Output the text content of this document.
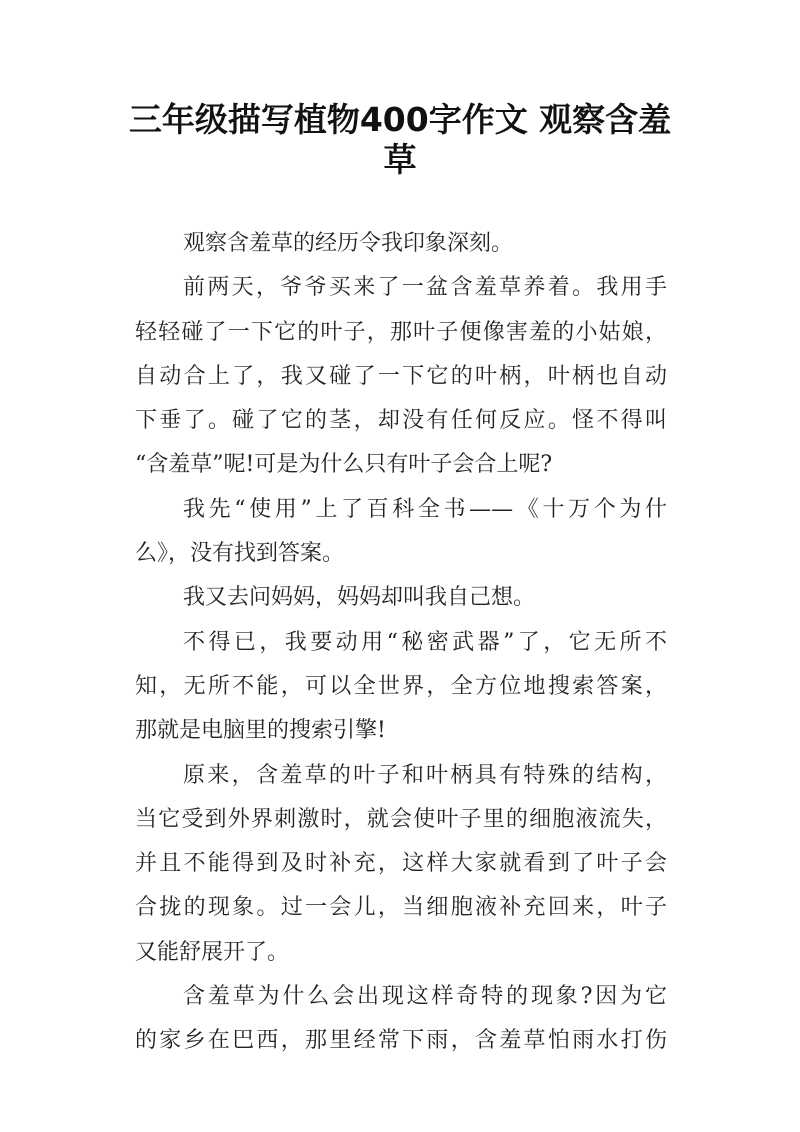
三年级描写植物400字作文 观察含羞
草
观察含羞草的经历令我印象深刻。
前两天，爷爷买来了一盆含羞草养着。我用手
轻轻碰了一下它的叶子，那叶子便像害羞的小姑娘，
自动合上了，我又碰了一下它的叶柄，叶柄也自动
下垂了。碰了它的茎，却没有任何反应。怪不得叫
“含羞草”呢!可是为什么只有叶子会合上呢?
我先“使用”上了百科全书——《十万个为什
么》，没有找到答案。
我又去问妈妈，妈妈却叫我自己想。
不得已，我要动用“秘密武器”了，它无所不
知，无所不能，可以全世界，全方位地搜索答案，
那就是电脑里的搜索引擎!
原来，含羞草的叶子和叶柄具有特殊的结构，
当它受到外界刺激时，就会使叶子里的细胞液流失，
并且不能得到及时补充，这样大家就看到了叶子会
合拢的现象。过一会儿，当细胞液补充回来，叶子
又能舒展开了。
含羞草为什么会出现这样奇特的现象?因为它
的家乡在巴西，那里经常下雨，含羞草怕雨水打伤
